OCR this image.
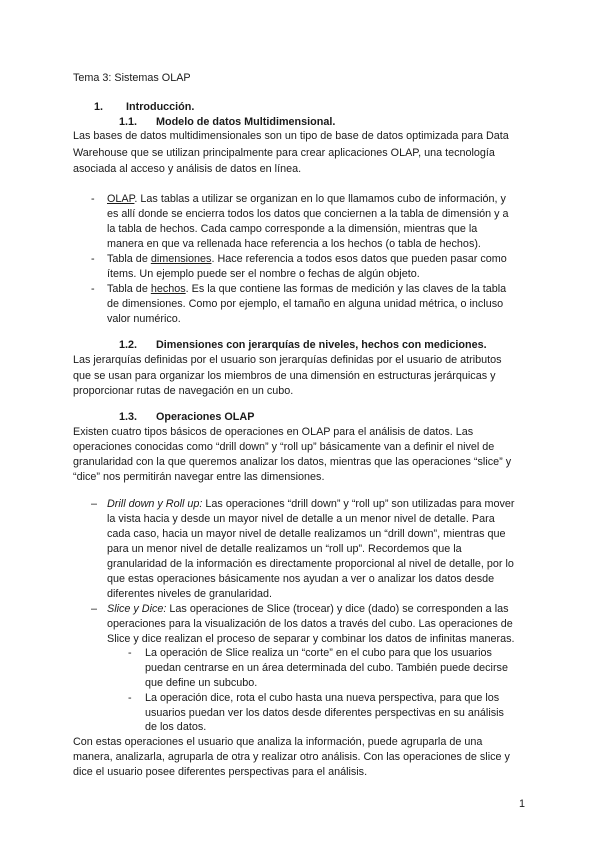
Tema 3: Sistemas OLAP
1. Introducción.
1.1. Modelo de datos Multidimensional.
Las bases de datos multidimensionales son un tipo de base de datos optimizada para Data
Warehouse que se utilizan principalmente para crear aplicaciones OLAP, una tecnología
asociada al acceso y análisis de datos en línea.
- OLAP. Las tablas a utilizar se organizan en lo que llamamos cubo de información, y
es allí donde se encierra todos los datos que conciernen a la tabla de dimensión y a
la tabla de hechos. Cada campo corresponde a la dimensión, mientras que la
manera en que va rellenada hace referencia a los hechos (o tabla de hechos).
- Tabla de dimensiones. Hace referencia a todos esos datos que pueden pasar como
ítems. Un ejemplo puede ser el nombre o fechas de algún objeto.
- Tabla de hechos. Es la que contiene las formas de medición y las claves de la tabla
de dimensiones. Como por ejemplo, el tamaño en alguna unidad métrica, o incluso
valor numérico.
1.2. Dimensiones con jerarquías de niveles, hechos con mediciones.
Las jerarquías definidas por el usuario son jerarquías definidas por el usuario de atributos
que se usan para organizar los miembros de una dimensión en estructuras jerárquicas y
proporcionar rutas de navegación en un cubo.
1.3. Operaciones OLAP
Existen cuatro tipos básicos de operaciones en OLAP para el análisis de datos. Las
operaciones conocidas como “drill down” y “roll up” básicamente van a definir el nivel de
granularidad con la que queremos analizar los datos, mientras que las operaciones “slice” y
“dice” nos permitirán navegar entre las dimensiones.
– Drill down y Roll up: Las operaciones “drill down” y “roll up” son utilizadas para mover
la vista hacia y desde un mayor nivel de detalle a un menor nivel de detalle. Para
cada caso, hacia un mayor nivel de detalle realizamos un “drill down”, mientras que
para un menor nivel de detalle realizamos un “roll up”. Recordemos que la
granularidad de la información es directamente proporcional al nivel de detalle, por lo
que estas operaciones básicamente nos ayudan a ver o analizar los datos desde
diferentes niveles de granularidad.
– Slice y Dice: Las operaciones de Slice (trocear) y dice (dado) se corresponden a las
operaciones para la visualización de los datos a través del cubo. Las operaciones de
Slice y dice realizan el proceso de separar y combinar los datos de infinitas maneras.
- La operación de Slice realiza un “corte” en el cubo para que los usuarios
puedan centrarse en un área determinada del cubo. También puede decirse
que define un subcubo.
- La operación dice, rota el cubo hasta una nueva perspectiva, para que los
usuarios puedan ver los datos desde diferentes perspectivas en su análisis
de los datos.
Con estas operaciones el usuario que analiza la información, puede agruparla de una
manera, analizarla, agruparla de otra y realizar otro análisis. Con las operaciones de slice y
dice el usuario posee diferentes perspectivas para el análisis.
1
